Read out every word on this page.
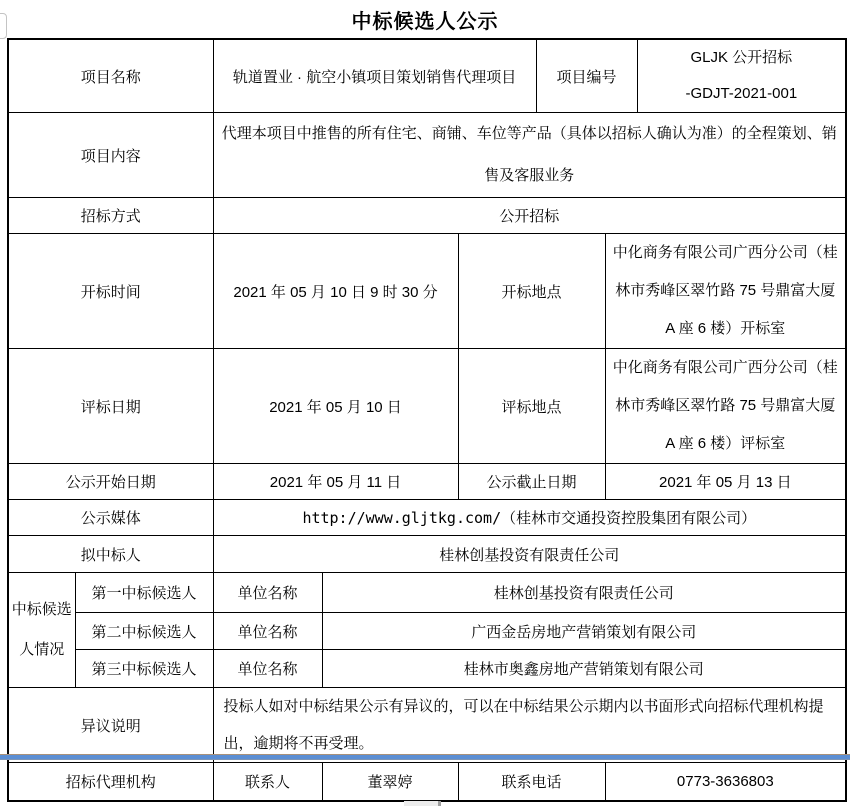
中标候选人公示
项目名称		轨道置业 · 航空小镇项目策划销售代理项目			项目编号		GLJK 公开招标
-GDJT-2021-001

项目内容		代理本项目中推售的所有住宅、商铺、车位等产品（具体以招标人确认为准）的全程策划、销售及客服业务					
招标方式		公开招标					
开标时间		2021 年 05 月 10 日 9 时 30 分		开标地点		中化商务有限公司广西分公司（桂林市秀峰区翠竹路 75 号鼎富大厦 A 座 6 楼）开标室	
评标日期		2021 年 05 月 10 日		评标地点		中化商务有限公司广西分公司（桂林市秀峰区翠竹路 75 号鼎富大厦 A 座 6 楼）评标室	
公示开始日期		2021 年 05 月 11 日		公示截止日期		2021 年 05 月 13 日	
公示媒体		http://www.gljtkg.com/（桂林市交通投资控股集团有限公司）					
拟中标人		桂林创基投资有限责任公司					
中标候选人情况	第一中标候选人	单位名称	桂林创基投资有限责任公司				
	第二中标候选人	单位名称	广西金岳房地产营销策划有限公司				
	第三中标候选人	单位名称	桂林市奥鑫房地产营销策划有限公司				
异议说明		投标人如对中标结果公示有异议的，可以在中标结果公示期内以书面形式向招标代理机构提出，逾期将不再受理。					
招标代理机构		联系人	董翠婷	联系电话		0773-3636803	
